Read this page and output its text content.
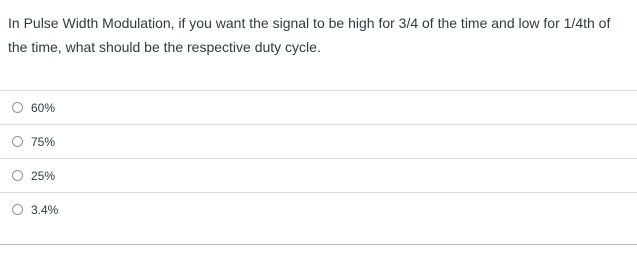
In Pulse Width Modulation, if you want the signal to be high for 3/4 of the time and low for 1/4th of the time, what should be the respective duty cycle.

60%
75%
25%
3.4%
